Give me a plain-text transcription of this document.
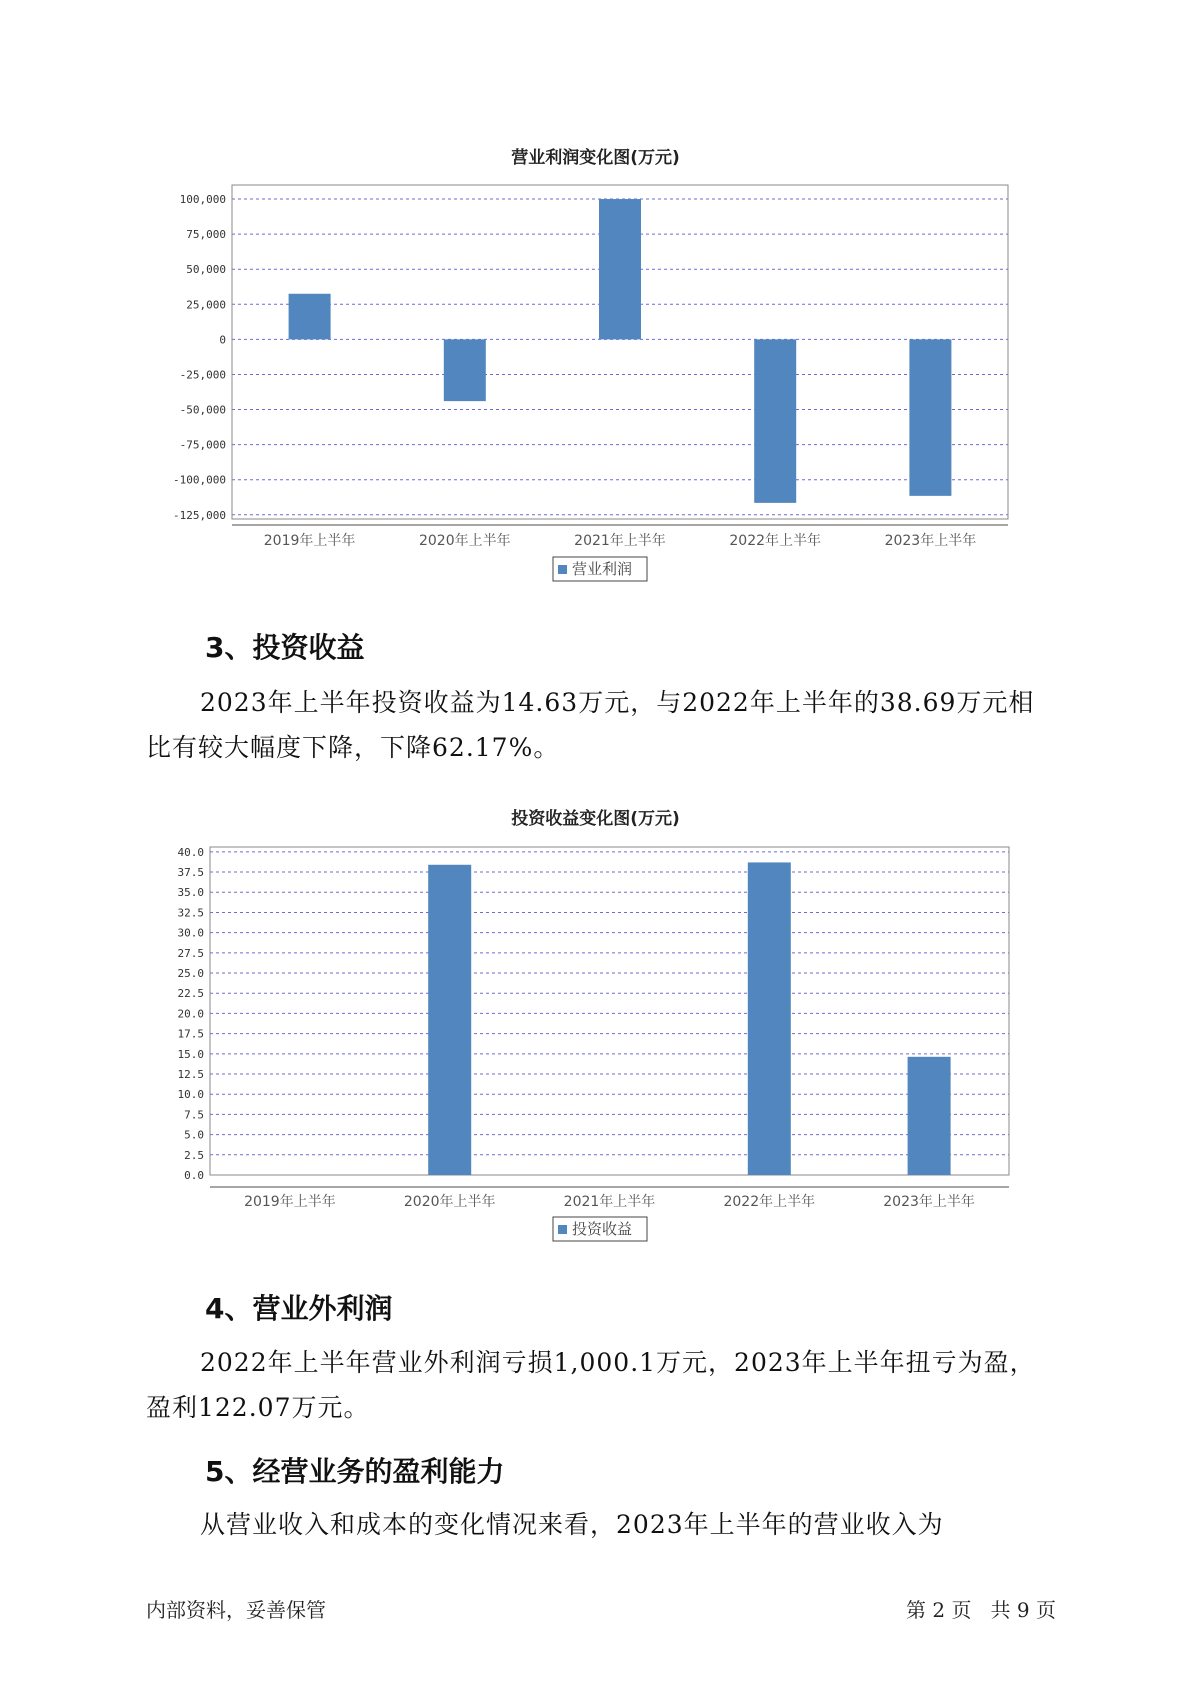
营业利润变化图(万元)
100,000
75,000
50,000
25,000
0
-25,000
-50,000
-75,000
-100,000
-125,000
2019年上半年	2020年上半年	2021年上半年	2022年上半年	2023年上半年
营业利润
3、投资收益
2023年上半年投资收益为14.63万元，与2022年上半年的38.69万元相
比有较大幅度下降，下降62.17%。
投资收益变化图(万元)
40.0
37.5
35.0
32.5
30.0
27.5
25.0
22.5
20.0
17.5
15.0
12.5
10.0
7.5
5.0
2.5
0.0
2019年上半年	2020年上半年	2021年上半年	2022年上半年	2023年上半年
投资收益
4、营业外利润
2022年上半年营业外利润亏损1,000.1万元，2023年上半年扭亏为盈，
盈利122.07万元。
5、经营业务的盈利能力
从营业收入和成本的变化情况来看，2023年上半年的营业收入为
内部资料，妥善保管	第 2 页   共 9 页
